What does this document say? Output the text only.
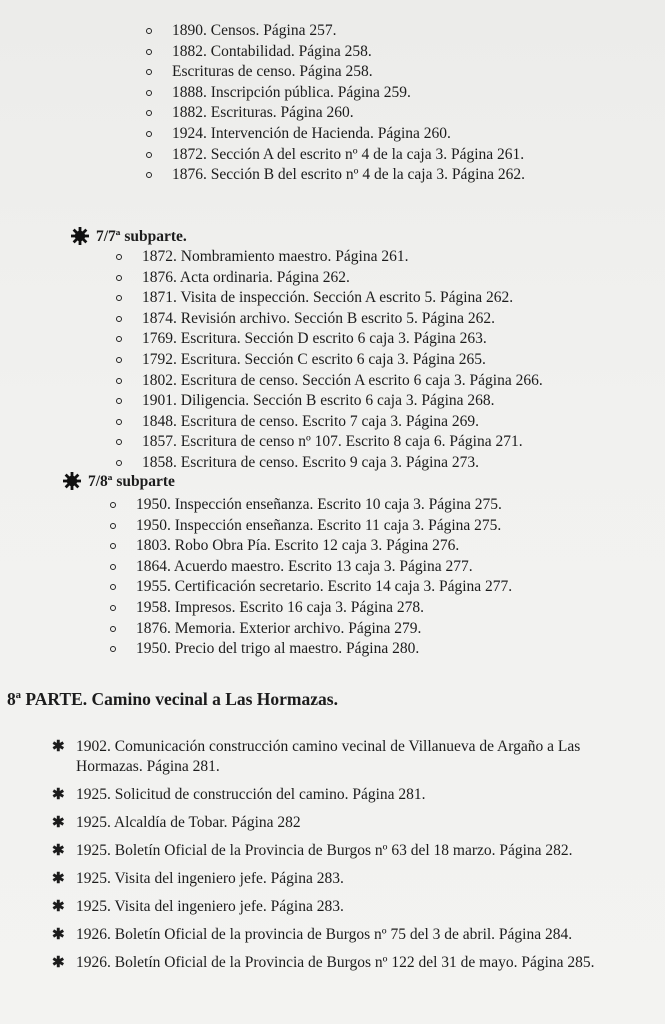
1890. Censos. Página 257.
1882. Contabilidad. Página 258.
Escrituras de censo. Página 258.
1888. Inscripción pública. Página 259.
1882. Escrituras. Página 260.
1924. Intervención de Hacienda. Página 260.
1872. Sección A del escrito nº 4 de la caja 3. Página 261.
1876. Sección B del escrito nº 4 de la caja 3. Página 262.
7/7ª subparte.
1872. Nombramiento maestro. Página 261.
1876. Acta ordinaria. Página 262.
1871. Visita de inspección. Sección A escrito 5. Página 262.
1874. Revisión archivo. Sección B escrito 5. Página 262.
1769. Escritura. Sección D escrito 6 caja 3. Página 263.
1792. Escritura. Sección C escrito 6 caja 3. Página 265.
1802. Escritura de censo. Sección A escrito 6 caja 3. Página 266.
1901. Diligencia. Sección B escrito 6 caja 3. Página 268.
1848. Escritura de censo. Escrito 7 caja 3. Página 269.
1857. Escritura de censo nº 107. Escrito 8 caja 6. Página 271.
1858. Escritura de censo. Escrito 9 caja 3. Página 273.
7/8ª subparte
1950. Inspección enseñanza. Escrito 10 caja 3. Página 275.
1950. Inspección enseñanza. Escrito 11 caja 3. Página 275.
1803. Robo Obra Pía. Escrito 12 caja 3. Página 276.
1864. Acuerdo maestro. Escrito 13 caja 3. Página 277.
1955. Certificación secretario. Escrito 14 caja 3. Página 277.
1958. Impresos. Escrito 16 caja 3. Página 278.
1876. Memoria. Exterior archivo. Página 279.
1950. Precio del trigo al maestro. Página 280.
8ª PARTE. Camino vecinal a Las Hormazas.
✱ 1902. Comunicación construcción camino vecinal de Villanueva de Argaño a Las Hormazas. Página 281.
✱ 1925. Solicitud de construcción del camino. Página 281.
✱ 1925. Alcaldía de Tobar. Página 282
✱ 1925. Boletín Oficial de la Provincia de Burgos nº 63 del 18 marzo. Página 282.
✱ 1925. Visita del ingeniero jefe. Página 283.
✱ 1925. Visita del ingeniero jefe. Página 283.
✱ 1926. Boletín Oficial de la provincia de Burgos nº 75 del 3 de abril. Página 284.
✱ 1926. Boletín Oficial de la Provincia de Burgos nº 122 del 31 de mayo. Página 285.
